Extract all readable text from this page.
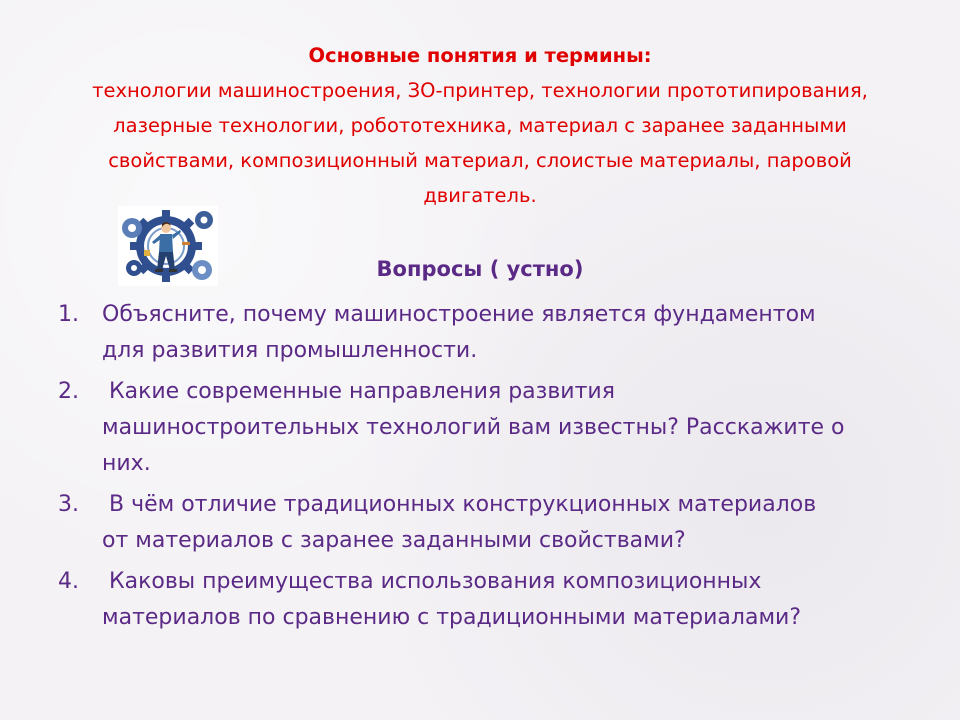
Основные понятия и термины:
технологии машиностроения, ЗО-принтер, технологии прототипирования,
лазерные технологии, робототехника, материал с заранее заданными
свойствами, композиционный материал, слоистые материалы, паровой
двигатель.
Вопросы ( устно)
1.	Объясните, почему машиностроение является фундаментом
для развития промышленности.
2.	Какие современные направления развития
машиностроительных технологий вам известны? Расскажите о
них.
3.	В чём отличие традиционных конструкционных материалов
от материалов с заранее заданными свойствами?
4.	Каковы преимущества использования композиционных
материалов по сравнению с традиционными материалами?
